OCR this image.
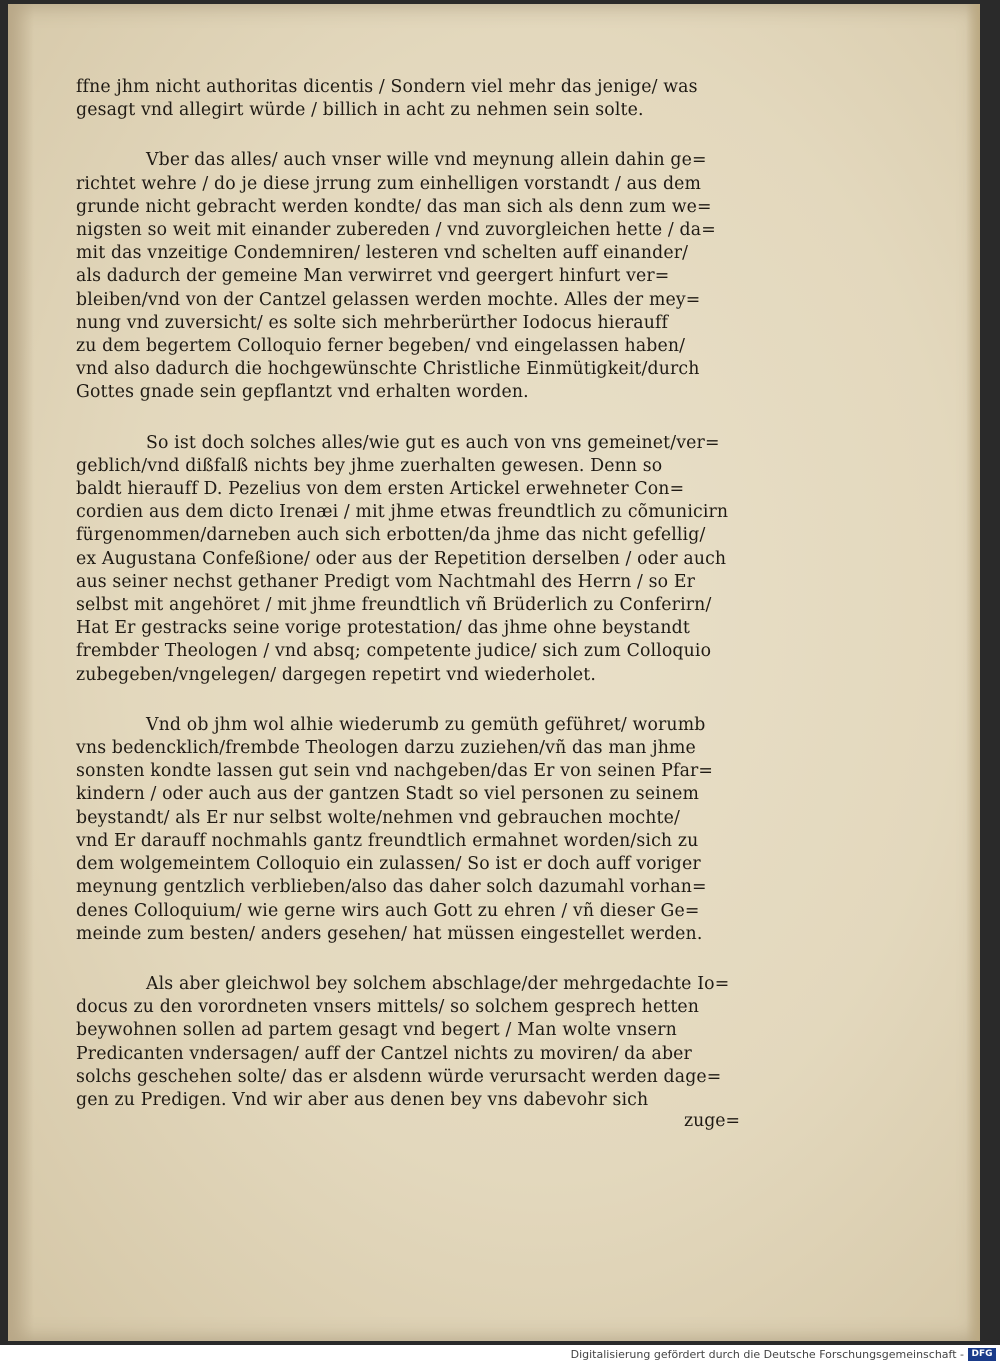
ffne jhm nicht authoritas dicentis / Sondern viel mehr das jenige/ was
gesagt vnd allegirt würde / billich in acht zu nehmen sein solte.
Vber das alles/ auch vnser wille vnd meynung allein dahin ge=
richtet wehre / do je diese jrrung zum einhelligen vorstandt / aus dem
grunde nicht gebracht werden kondte/ das man sich als denn zum we=
nigsten so weit mit einander zubereden / vnd zuvorgleichen hette / da=
mit das vnzeitige Condemniren/ lesteren vnd schelten auff einander/
als dadurch der gemeine Man verwirret vnd geergert hinfurt ver=
bleiben/vnd von der Cantzel gelassen werden mochte. Alles der mey=
nung vnd zuversicht/ es solte sich mehrberürther Iodocus hierauff
zu dem begertem Colloquio ferner begeben/ vnd eingelassen haben/
vnd also dadurch die hochgewünschte Christliche Einmütigkeit/durch
Gottes gnade sein gepflantzt vnd erhalten worden.
So ist doch solches alles/wie gut es auch von vns gemeinet/ver=
geblich/vnd dißfalß nichts bey jhme zuerhalten gewesen. Denn so
baldt hierauff D. Pezelius von dem ersten Artickel erwehneter Con=
cordien aus dem dicto Irenæi / mit jhme etwas freundtlich zu cõmunicirn
fürgenommen/darneben auch sich erbotten/da jhme das nicht gefellig/
ex Augustana Confeßione/ oder aus der Repetition derselben / oder auch
aus seiner nechst gethaner Predigt vom Nachtmahl des Herrn / so Er
selbst mit angehöret / mit jhme freundtlich vñ Brüderlich zu Conferirn/
Hat Er gestracks seine vorige protestation/ das jhme ohne beystandt
frembder Theologen / vnd absq; competente judice/ sich zum Colloquio
zubegeben/vngelegen/ dargegen repetirt vnd wiederholet.
Vnd ob jhm wol alhie wiederumb zu gemüth geführet/ worumb
vns bedencklich/frembde Theologen darzu zuziehen/vñ das man jhme
sonsten kondte lassen gut sein vnd nachgeben/das Er von seinen Pfar=
kindern / oder auch aus der gantzen Stadt so viel personen zu seinem
beystandt/ als Er nur selbst wolte/nehmen vnd gebrauchen mochte/
vnd Er darauff nochmahls gantz freundtlich ermahnet worden/sich zu
dem wolgemeintem Colloquio ein zulassen/ So ist er doch auff voriger
meynung gentzlich verblieben/also das daher solch dazumahl vorhan=
denes Colloquium/ wie gerne wirs auch Gott zu ehren / vñ dieser Ge=
meinde zum besten/ anders gesehen/ hat müssen eingestellet werden.
Als aber gleichwol bey solchem abschlage/der mehrgedachte Io=
docus zu den vorordneten vnsers mittels/ so solchem gesprech hetten
beywohnen sollen ad partem gesagt vnd begert / Man wolte vnsern
Predicanten vndersagen/ auff der Cantzel nichts zu moviren/ da aber
solchs geschehen solte/ das er alsdenn würde verursacht werden dage=
gen zu Predigen. Vnd wir aber aus denen bey vns dabevohr sich
zuge=
Digitalisierung gefördert durch die Deutsche Forschungsgemeinschaft - DFG
